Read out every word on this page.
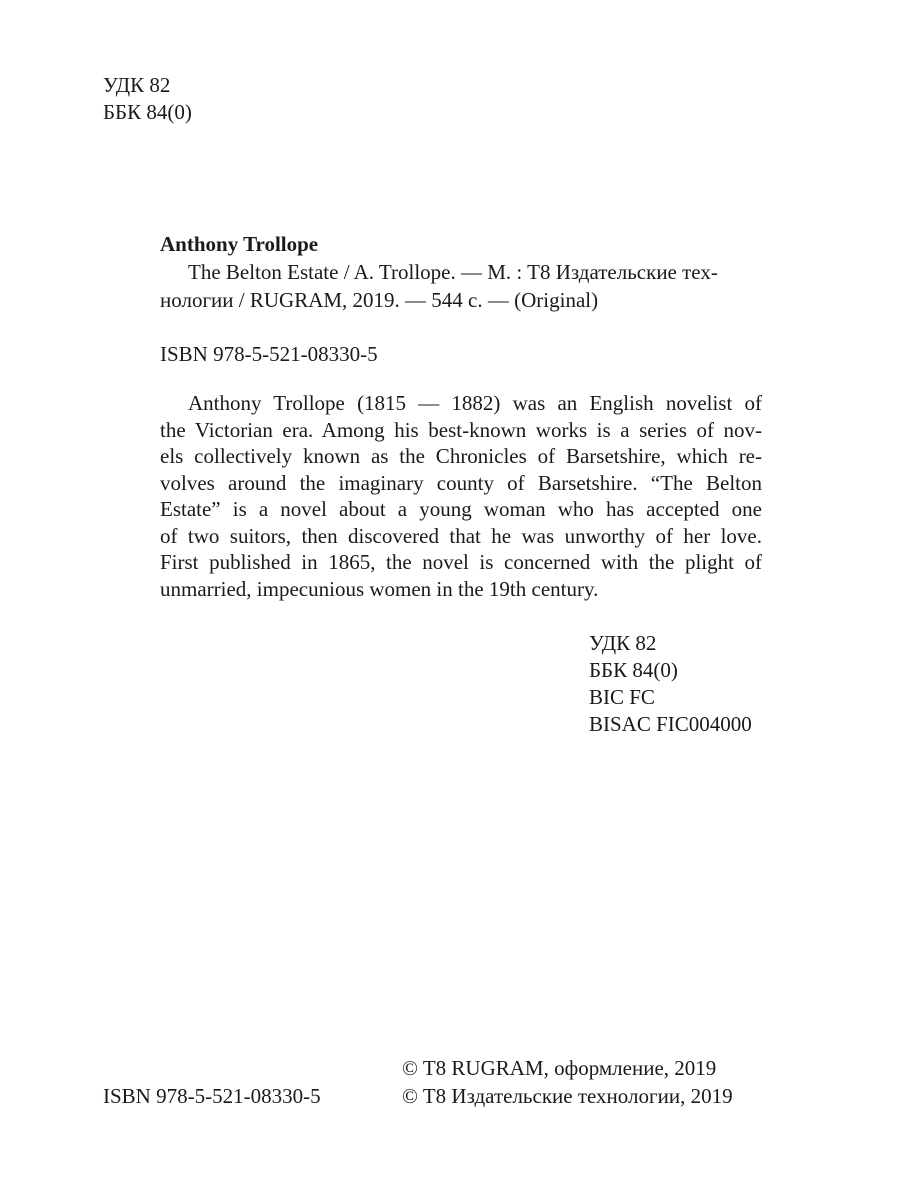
УДК 82
ББК 84(0)
Anthony Trollope
The Belton Estate / A. Trollope. — M. : T8 Издательские тех-
нологии / RUGRAM, 2019. — 544 с. — (Original)
ISBN 978-5-521-08330-5
Anthony Trollope (1815 — 1882) was an English novelist of
the Victorian era. Among his best-known works is a series of nov-
els collectively known as the Chronicles of Barsetshire, which re-
volves around the imaginary county of Barsetshire. “The Belton
Estate” is a novel about a young woman who has accepted one
of two suitors, then discovered that he was unworthy of her love.
First published in 1865, the novel is concerned with the plight of
unmarried, impecunious women in the 19th century.
УДК 82
ББК 84(0)
BIC FC
BISAC FIC004000
ISBN 978-5-521-08330-5
© T8 RUGRAM, оформление, 2019
© T8 Издательские технологии, 2019
